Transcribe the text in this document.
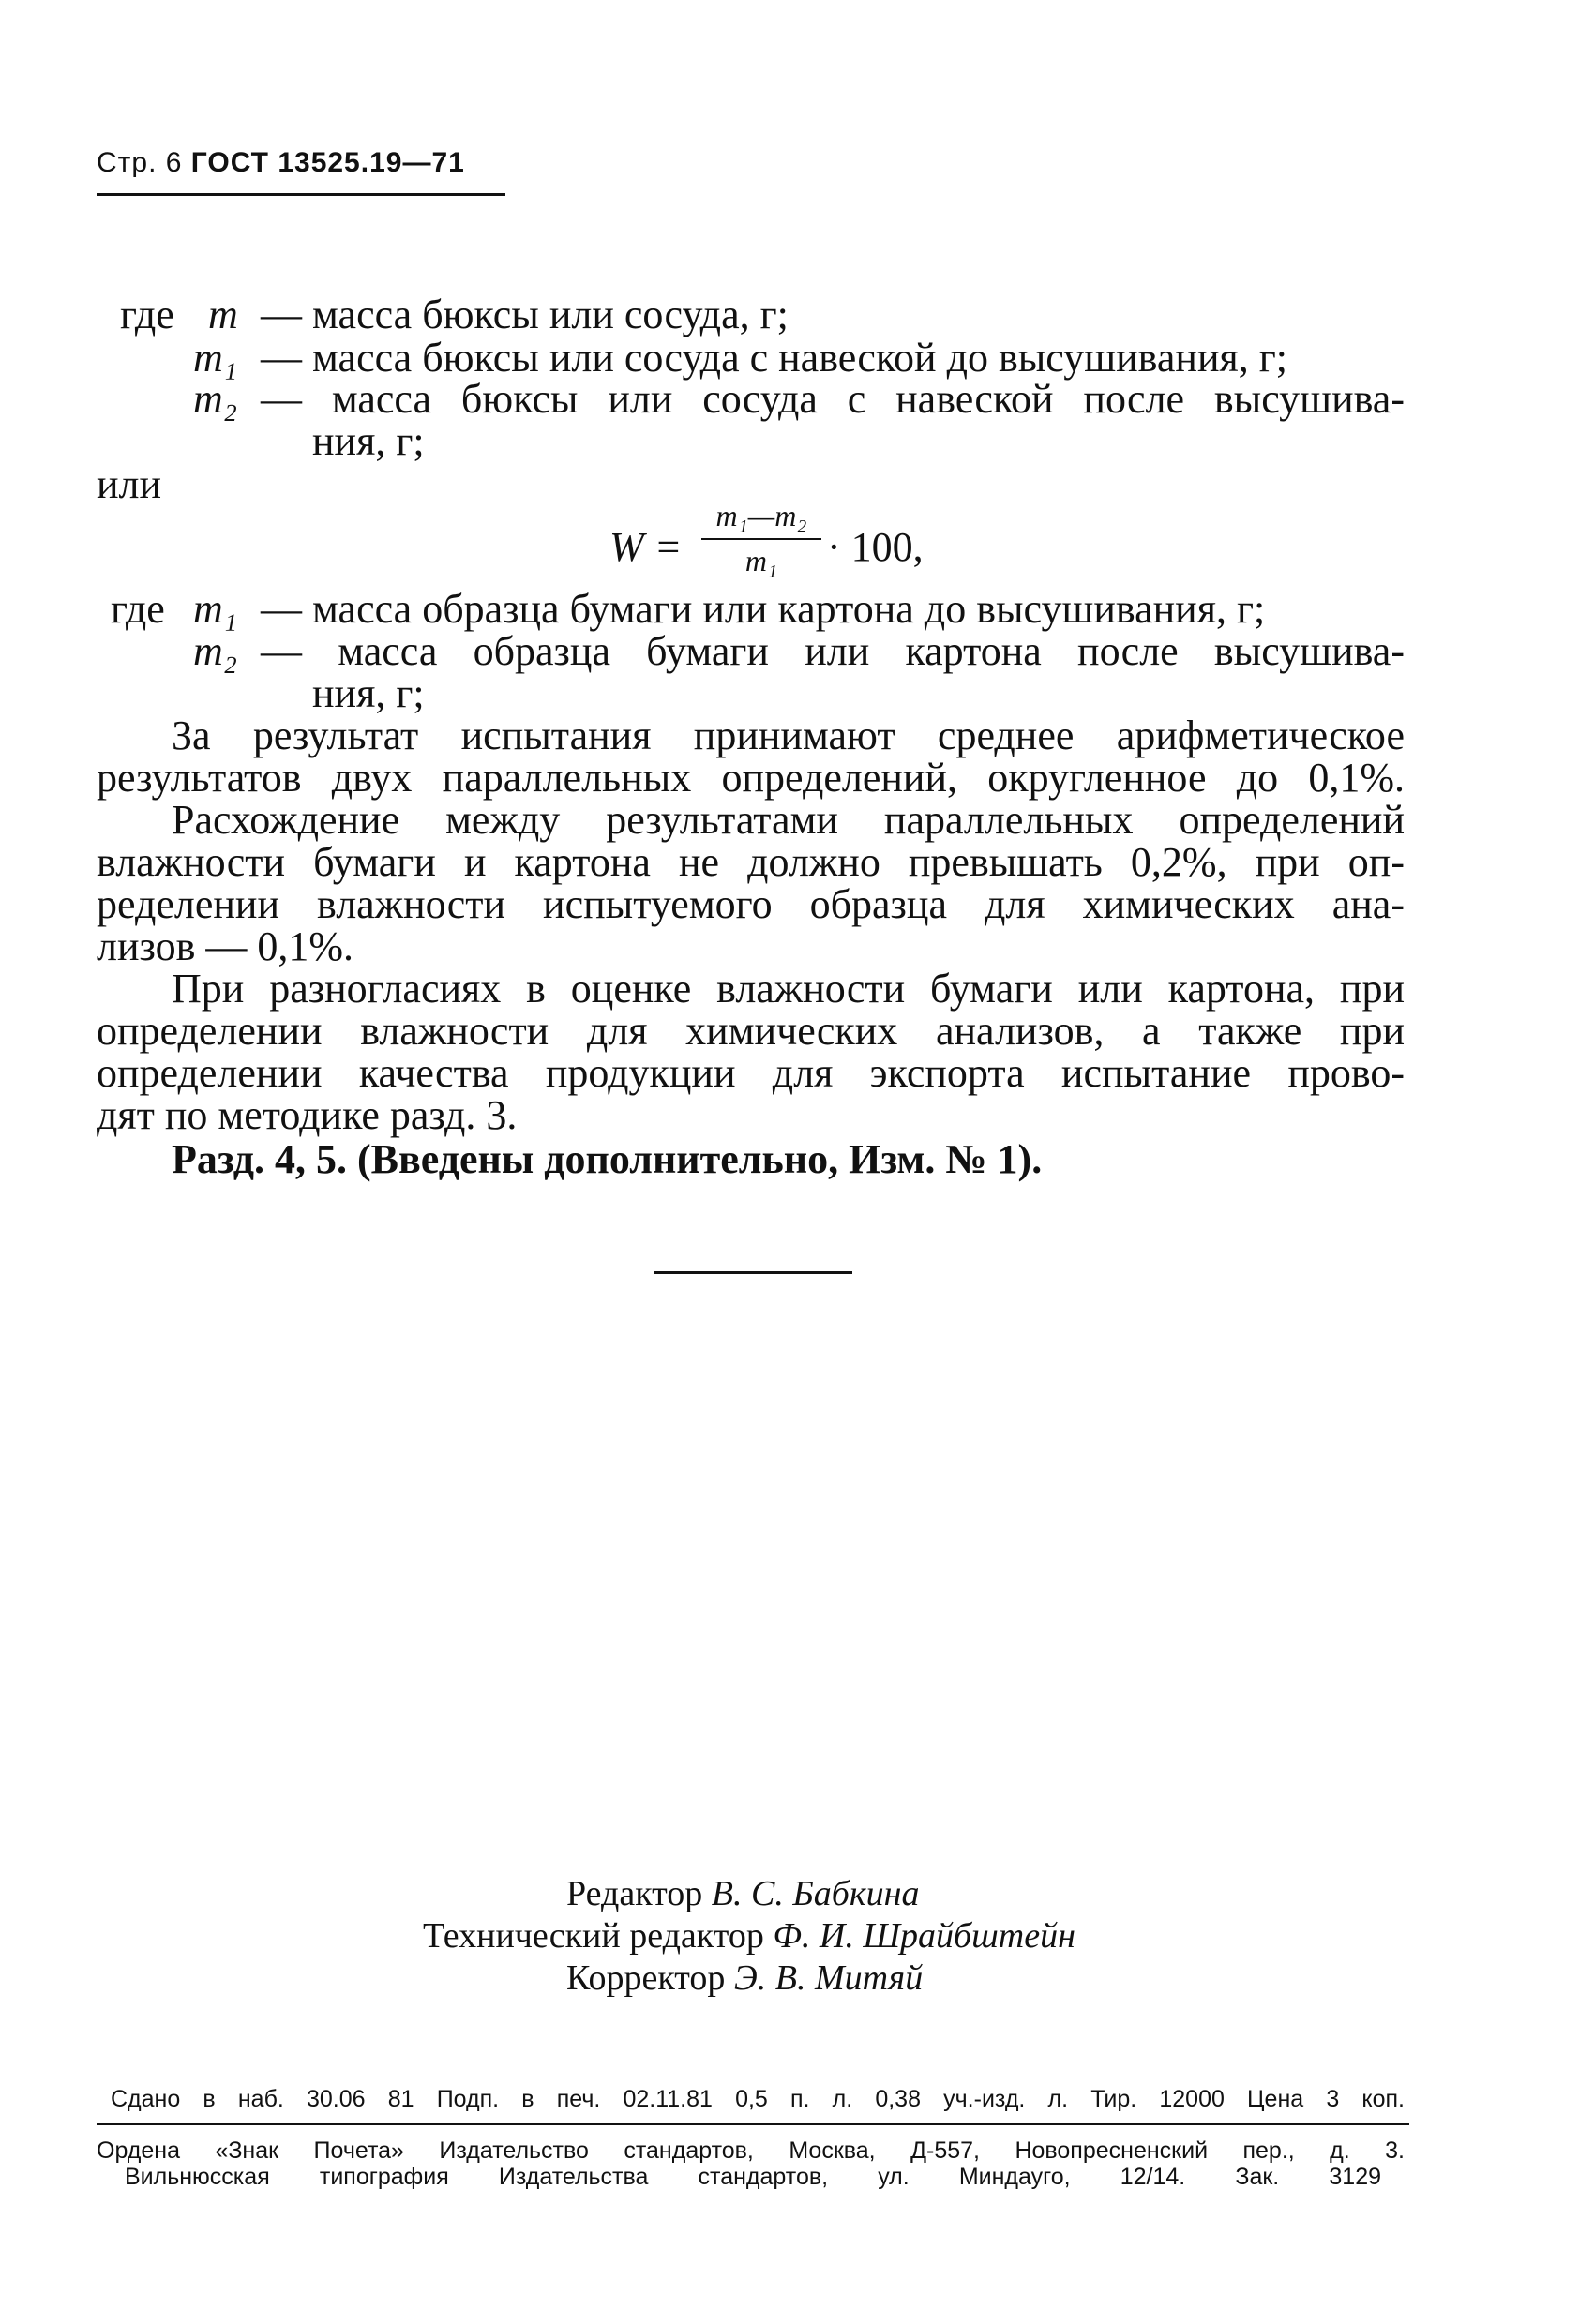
Стр. 6 ГОСТ 13525.19—71
где m — масса бюксы или сосуда, г;
m₁ — масса бюксы или сосуда с навеской до высушивания, г;
m₂ — масса бюксы или сосуда с навеской после высушива-
ния, г;
или
W =
m₁—m₂
m₁	· 100,
где m₁ — масса образца бумаги или картона до высушивания, г;
m₂ — масса образца бумаги или картона после высушива-
ния, г;
За результат испытания принимают среднее арифметическое
результатов двух параллельных определений, округленное до 0,1%.
Расхождение между результатами параллельных определений
влажности бумаги и картона не должно превышать 0,2%, при оп-
ределении влажности испытуемого образца для химических ана-
лизов — 0,1%.
При разногласиях в оценке влажности бумаги или картона, при
определении влажности для химических анализов, а также при
определении качества продукции для экспорта испытание прово-
дят по методике разд. 3.
Разд. 4, 5. (Введены дополнительно, Изм. № 1).
Редактор В. С. Бабкина
Технический редактор Ф. И. Шрайбштейн
Корректор Э. В. Митяй
Сдано в наб. 30.06 81 Подп. в печ. 02.11.81 0,5 п. л. 0,38 уч.-изд. л. Тир. 12000 Цена 3 коп.
Ордена «Знак Почета» Издательство стандартов, Москва, Д-557, Новопресненский пер., д. 3.
Вильнюсская типография Издательства стандартов, ул. Миндауго, 12/14. Зак. 3129
